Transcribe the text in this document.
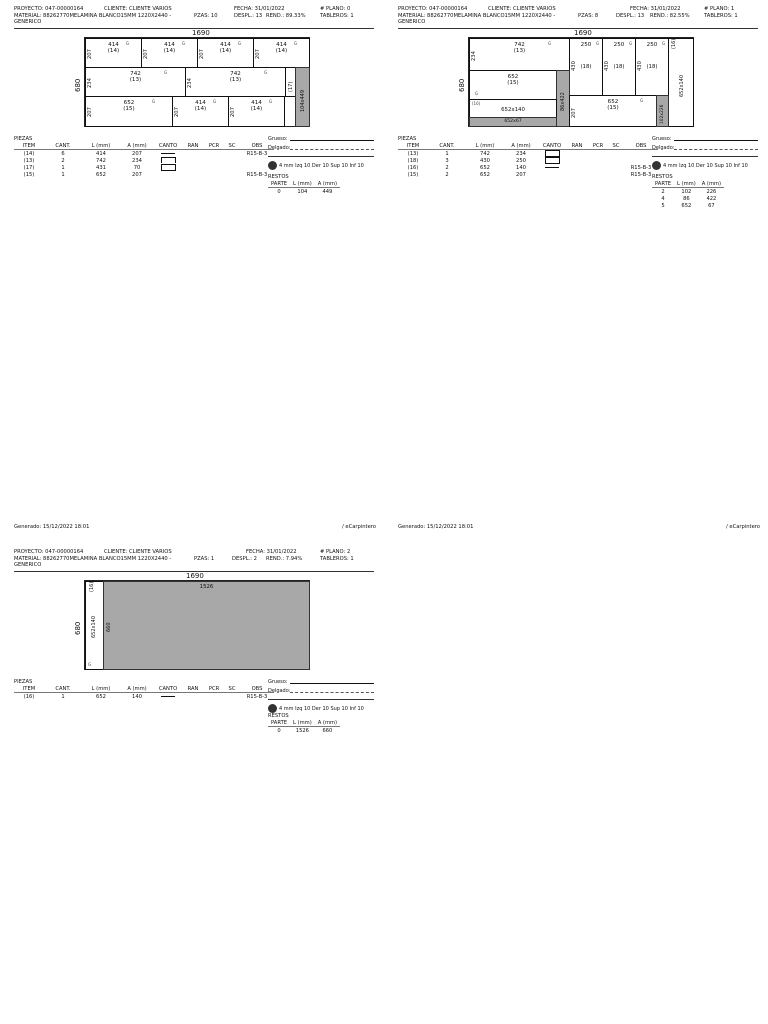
PROYECTO: 047-00000164	CLIENTE: CLIENTE VARIOS	FECHA: 31/01/2022	# PLANO: 0
MATERIAL: 88262770MELAMINA BLANCO15MM 1220X2440 -
GENERICO
PZAS: 10	DESPL.: 13 REND.: 89.33%	TABLEROS: 1
1690
680
414
(14)
207
G	414
(14)
207
G	414
(14)
207
G	414
(14)
207
G
742
(13)
234
G	742
(13)
234
G
(17)
104x449
652
(15)
207
G	414
(14)
207
G	414
(14)
207
G
PIEZAS
ITEM	CANT.	L (mm)	A (mm)	CANTO	RAN	PCR	SC	OBS
(14)	6	414	207					R15-B-3
(13)	2	742	234					
(17)	1	431	70					
(15)	1	652	207					R15-B-3
Grueso:
Delgado:
4 mm Izq 10 Der 10 Sup 10 Inf 10
RESTOS
PARTE	L (mm)	A (mm)
0	104	449
PROYECTO: 047-00000164	CLIENTE: CLIENTE VARIOS	FECHA: 31/01/2022	# PLANO: 1
MATERIAL: 88262770MELAMINA BLANCO15MM 1220X2440 -
GENERICO
PZAS: 8	DESPL.: 13 REND.: 82.55%	TABLEROS: 1
1690
680
742
(13)
234
G	250
(18)
430
G	250
(18)
430
G	250
(18)
430
G (16)
652x140
652
(15)
G	86x422
(16)
652x140
652x67
652
(15)
207
G
102x226
PIEZAS
ITEM	CANT.	L (mm)	A (mm)	CANTO	RAN	PCR	SC	OBS
(13)	1	742	234					
(18)	3	430	250					
(16)	2	652	140					R15-B-3
(15)	2	652	207					R15-B-3
Grueso:
Delgado:
4 mm Izq 10 Der 10 Sup 10 Inf 10
RESTOS
PARTE	L (mm)	A (mm)
2	102	226
4	86	422
5	652	67
Generado: 15/12/2022 18:01	/ eCarpintero	Generado: 15/12/2022 18:01	/ eCarpintero
PROYECTO: 047-00000164	CLIENTE: CLIENTE VARIOS	FECHA: 31/01/2022	# PLANO: 2
MATERIAL: 88262770MELAMINA BLANCO15MM 1220X2440 -
GENERICO
PZAS: 1	DESPL.: 2 REND.: 7.94%	TABLEROS: 1
1690
680
(16)
652x140
G
1526
660
PIEZAS
ITEM	CANT.	L (mm)	A (mm)	CANTO	RAN	PCR	SC	OBS
(16)	1	652	140					R15-B-3
Grueso:
Delgado:
4 mm Izq 10 Der 10 Sup 10 Inf 10
RESTOS
PARTE	L (mm)	A (mm)
0	1526	660
